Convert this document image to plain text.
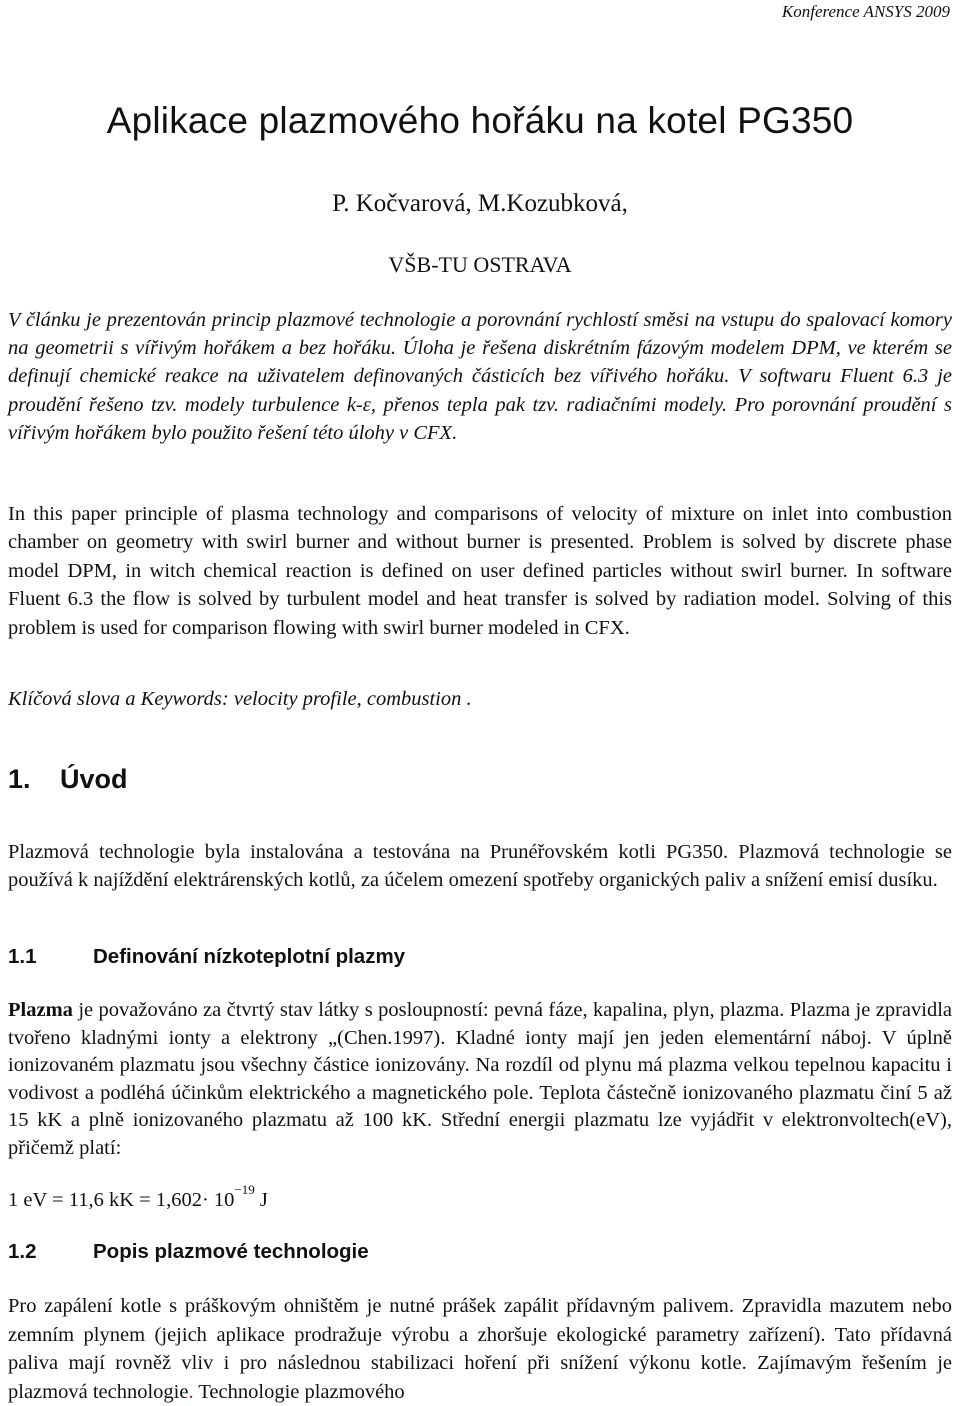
Konference ANSYS 2009
Aplikace plazmového hořáku na kotel PG350
P. Kočvarová, M.Kozubková,
VŠB-TU OSTRAVA

V článku je prezentován princip plazmové technologie a porovnání rychlostí směsi na vstupu do spalovací komory na geometrii s vířivým hořákem a bez hořáku. Úloha je řešena diskrétním fázovým modelem DPM, ve kterém se definují chemické reakce na uživatelem definovaných částicích bez vířivého hořáku. V softwaru Fluent 6.3 je proudění řešeno tzv. modely turbulence k-ε, přenos tepla pak tzv. radiačními modely. Pro porovnání proudění s vířivým hořákem bylo použito řešení této úlohy v CFX.

In this paper principle of plasma technology and comparisons of velocity of mixture on inlet into combustion chamber on geometry with swirl burner and without burner is presented. Problem is solved by discrete phase model DPM, in witch chemical reaction is defined on user defined particles without swirl burner. In software Fluent 6.3 the flow is solved by turbulent model and heat transfer is solved by radiation model. Solving of this problem is used for comparison flowing with swirl burner modeled in CFX.

Klíčová slova a Keywords: velocity profile, combustion .

1. Úvod

Plazmová technologie byla instalována a testována na Prunéřovském kotli PG350. Plazmová technologie se používá k najíždění elektrárenských kotlů, za účelem omezení spotřeby organických paliv a snížení emisí dusíku.

1.1	Definování nízkoteplotní plazmy

Plazma je považováno za čtvrtý stav látky s posloupností: pevná fáze, kapalina, plyn, plazma. Plazma je zpravidla tvořeno kladnými ionty a elektrony „(Chen.1997). Kladné ionty mají jen jeden elementární náboj. V úplně ionizovaném plazmatu jsou všechny částice ionizovány. Na rozdíl od plynu má plazma velkou tepelnou kapacitu i vodivost a podléhá účinkům elektrického a magnetického pole. Teplota částečně ionizovaného plazmatu činí 5 až 15 kK a plně ionizovaného plazmatu až 100 kK. Střední energii plazmatu lze vyjádřit v elektronvoltech(eV), přičemž platí:

1 eV = 11,6 kK = $1,602\cdot 10^{-19}$ J
1.2	Popis plazmové technologie

Pro zapálení kotle s práškovým ohništěm je nutné prášek zapálit přídavným palivem. Zpravidla mazutem nebo zemním plynem (jejich aplikace prodražuje výrobu a zhoršuje ekologické parametry zařízení). Tato přídavná paliva mají rovněž vliv i pro následnou stabilizaci hoření při snížení výkonu kotle. Zajímavým řešením je plazmová technologie. Technologie plazmového
